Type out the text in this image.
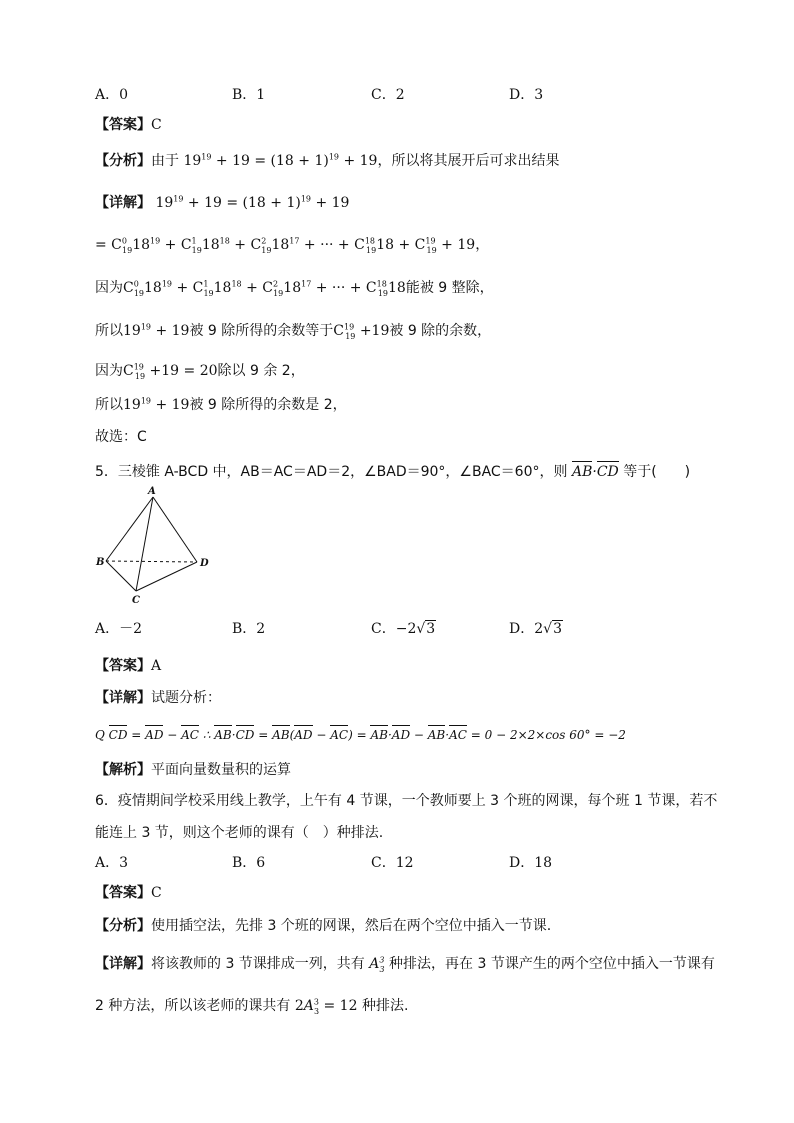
A．0	B．1	C．2	D．3
【答案】C
【分析】由于 $19^{19} + 19 = (18 + 1)^{19} + 19$，所以将其展开后可求出结果
【详解】 $19^{19} + 19 = (18 + 1)^{19} + 19$
= $C^0_{19}18^{19} + C^1_{19}18^{18} + C^2_{19}18^{17}$ + ··· + $C^{18}_{19}18 + C^{19}_{19} + 19$，
因为$C^0_{19}18^{19} + C^1_{19}18^{18} + C^2_{19}18^{17}$ + ··· + $C^{18}_{19}18$能被 9 整除，
所以$19^{19} + 19$被 9 除所得的余数等于$C^{19}_{19} +19$被 9 除的余数，
因为$C^{19}_{19} +19 = 20$除以 9 余 2，
所以$19^{19} + 19$被 9 除所得的余数是 2，
故选：C
5．三棱锥 A-BCD 中，AB＝AC＝AD＝2，∠BAD＝90°，∠BAC＝60°，则 AB·CD 等于(　　)
A
B
C
D
A．－2	B．2	C．−2√3	D．2√3
【答案】A
【详解】试题分析：
Q CD = AD − AC ∴ AB·CD = AB(AD − AC) = AB·AD − AB·AC = 0 − 2×2×cos 60° = −2
【解析】平面向量数量积的运算
6．疫情期间学校采用线上教学，上午有 4 节课，一个教师要上 3 个班的网课，每个班 1 节课，若不
能连上 3 节，则这个老师的课有（　）种排法.
A．3	B．6	C．12	D．18
【答案】C
【分析】使用插空法，先排 3 个班的网课，然后在两个空位中插入一节课.
【详解】将该教师的 3 节课排成一列，共有 $A^3_3$ 种排法，再在 3 节课产生的两个空位中插入一节课有
2 种方法，所以该老师的课共有 $2A^3_3 = 12$ 种排法.
